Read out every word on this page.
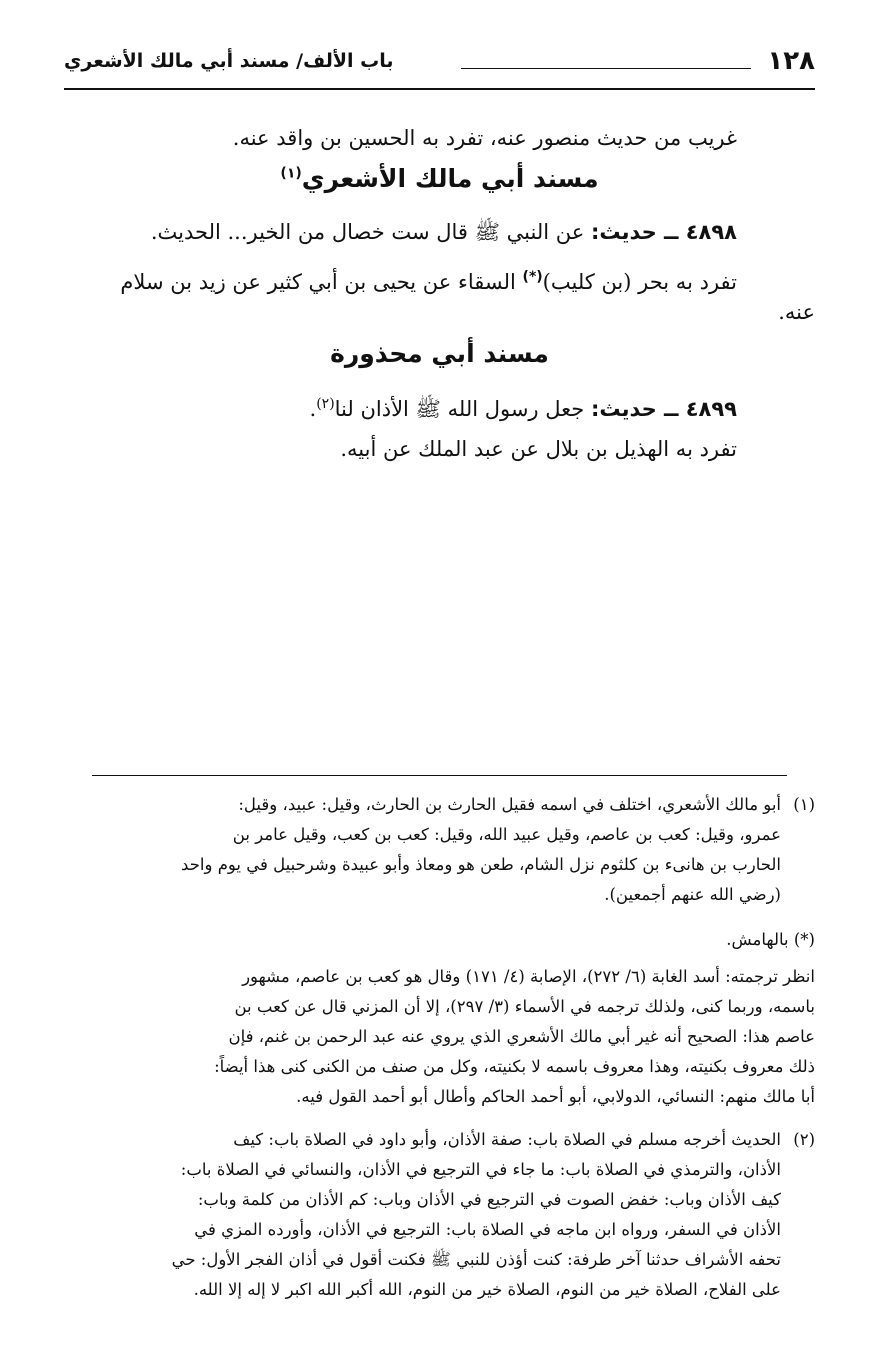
١٢٨
باب الألف/ مسند أبي مالك الأشعري
غريب من حديث منصور عنه، تفرد به الحسين بن واقد عنه.
مسند أبي مالك الأشعري$^{(١)}$
٤٨٩٨ ــ حديث: عن النبي ﷺ قال ست خصال من الخير... الحديث.
تفرد به بحر (بن كليب)(*) السقاء عن يحيى بن أبي كثير عن زيد بن سلام
عنه.
مسند أبي محذورة
٤٨٩٩ ــ حديث: جعل رسول الله ﷺ الأذان لنا$^{(٢)}$.
تفرد به الهذيل بن بلال عن عبد الملك عن أبيه.
(١)
أبو مالك الأشعري، اختلف في اسمه فقيل الحارث بن الحارث، وقيل: عبيد، وقيل:
عمرو، وقيل: كعب بن عاصم، وقيل عبيد الله، وقيل: كعب بن كعب، وقيل عامر بن
الحارب بن هانىء بن كلثوم نزل الشام، طعن هو ومعاذ وأبو عبيدة وشرحبيل في يوم واحد
(رضي الله عنهم أجمعين).
(*) بالهامش.
انظر ترجمته: أسد الغابة (٦/ ٢٧٢)، الإصابة (٤/ ١٧١) وقال هو كعب بن عاصم، مشهور
باسمه، وربما كنى، ولذلك ترجمه في الأسماء (٣/ ٢٩٧)، إلا أن المزني قال عن كعب بن
عاصم هذا: الصحيح أنه غير أبي مالك الأشعري الذي يروي عنه عبد الرحمن بن غنم، فإن
ذلك معروف بكنيته، وهذا معروف باسمه لا بكنيته، وكل من صنف من الكنى كنى هذا أيضاً:
أبا مالك منهم: النسائي، الدولابي، أبو أحمد الحاكم وأطال أبو أحمد القول فيه.
(٢)
الحديث أخرجه مسلم في الصلاة باب: صفة الأذان، وأبو داود في الصلاة باب: كيف
الأذان، والترمذي في الصلاة باب: ما جاء في الترجيع في الأذان، والنسائي في الصلاة باب:
كيف الأذان وباب: خفض الصوت في الترجيع في الأذان وباب: كم الأذان من كلمة وباب:
الأذان في السفر، ورواه ابن ماجه في الصلاة باب: الترجيع في الأذان، وأورده المزي في
تحفه الأشراف حدثنا آخر طرفة: كنت أؤذن للنبي ﷺ فكنت أقول في أذان الفجر الأول: حي
على الفلاح، الصلاة خير من النوم، الصلاة خير من النوم، الله أكبر الله اكبر لا إله إلا الله.
